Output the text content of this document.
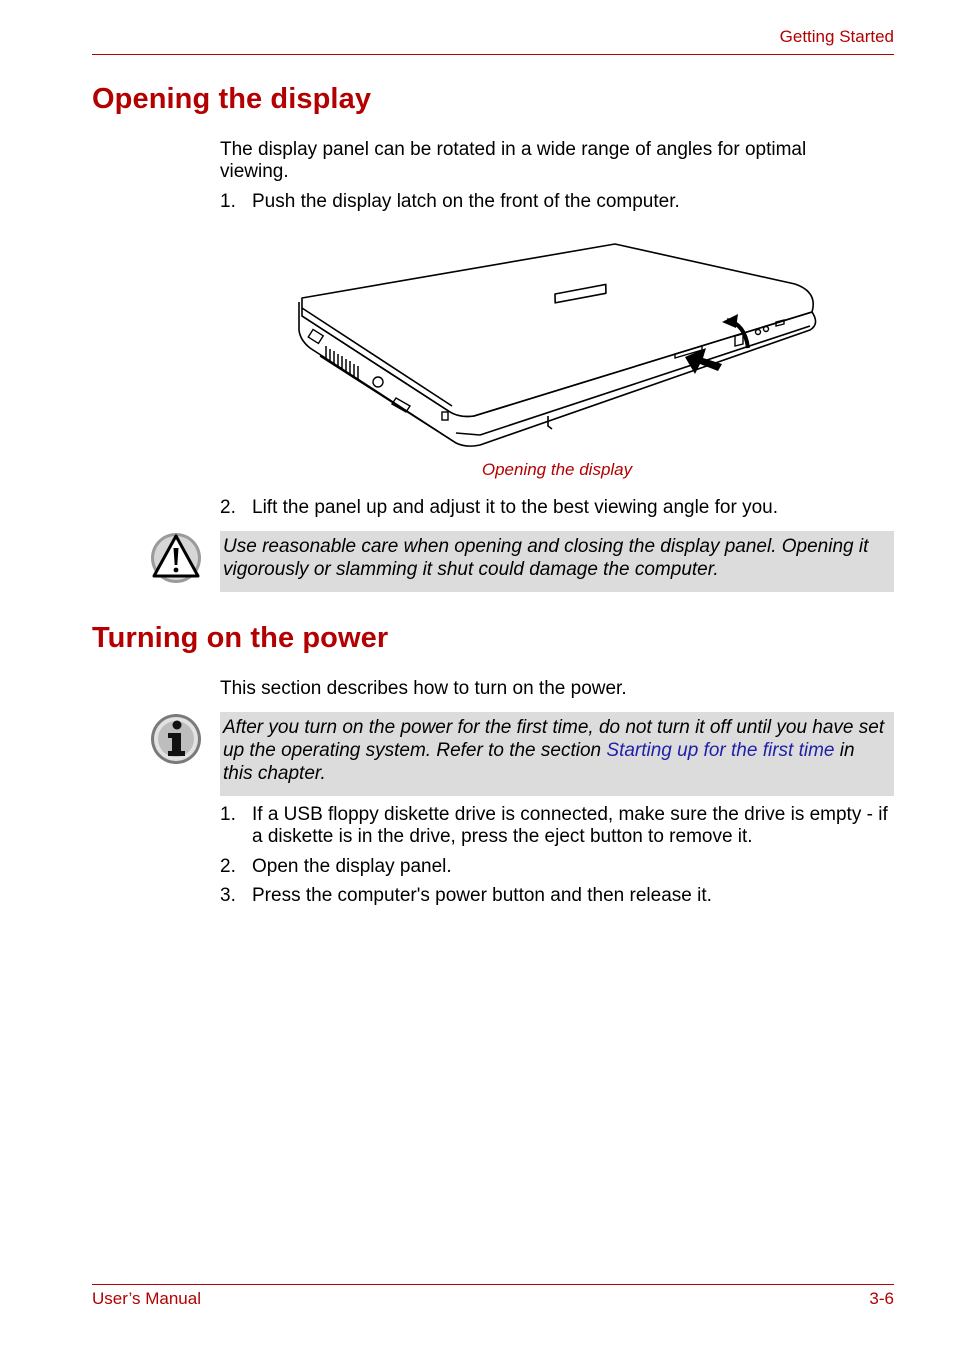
Getting Started
Opening the display

The display panel can be rotated in a wide range of angles for optimal viewing.

1. Push the display latch on the front of the computer.
Opening the display
2. Lift the panel up and adjust it to the best viewing angle for you.
Use reasonable care when opening and closing the display panel. Opening it vigorously or slamming it shut could damage the computer.
Turning on the power

This section describes how to turn on the power.

After you turn on the power for the first time, do not turn it off until you have set up the operating system. Refer to the section Starting up for the first time in this chapter.
1. If a USB floppy diskette drive is connected, make sure the drive is empty - if a diskette is in the drive, press the eject button to remove it.
2. Open the display panel.
3. Press the computer's power button and then release it.
User’s Manual	3-6
